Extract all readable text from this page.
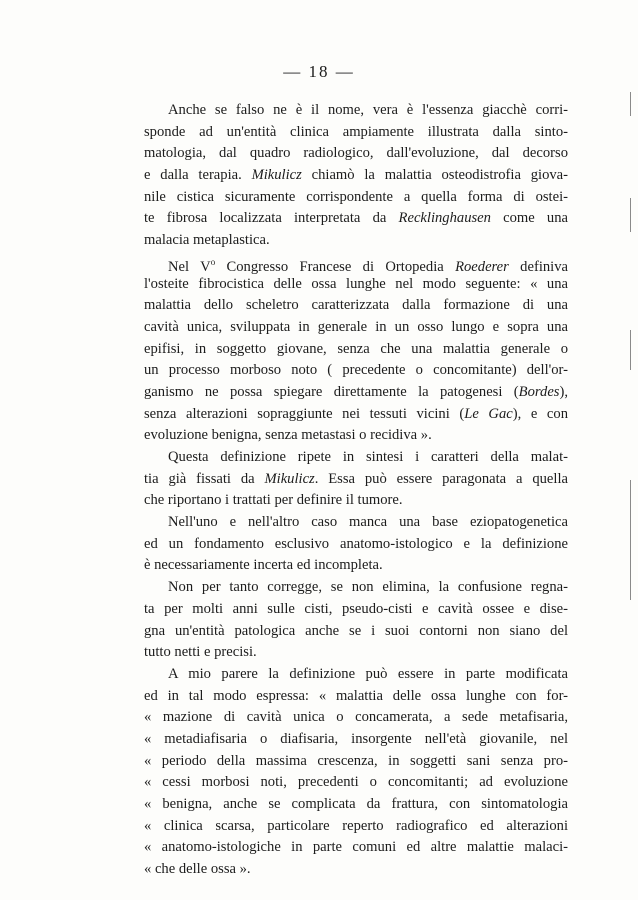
— 18 —
Anche se falso ne è il nome, vera è l'essenza giacchè corri-
sponde ad un'entità clinica ampiamente illustrata dalla sinto-
matologia, dal quadro radiologico, dall'evoluzione, dal decorso
e dalla terapia. Mikulicz chiamò la malattia osteodistrofia giova-
nile cistica sicuramente corrispondente a quella forma di ostei-
te fibrosa localizzata interpretata da Recklinghausen come una
malacia metaplastica.
Nel $V^o$ Congresso Francese di Ortopedia Roederer definiva
l'osteite fibrocistica delle ossa lunghe nel modo seguente: « una
malattia dello scheletro caratterizzata dalla formazione di una
cavità unica, sviluppata in generale in un osso lungo e sopra una
epifisi, in soggetto giovane, senza che una malattia generale o
un processo morboso noto ( precedente o concomitante) dell'or-
ganismo ne possa spiegare direttamente la patogenesi (Bordes),
senza alterazioni sopraggiunte nei tessuti vicini (Le Gac), e con
evoluzione benigna, senza metastasi o recidiva ».
Questa definizione ripete in sintesi i caratteri della malat-
tia già fissati da Mikulicz. Essa può essere paragonata a quella
che riportano i trattati per definire il tumore.
Nell'uno e nell'altro caso manca una base eziopatogenetica
ed un fondamento esclusivo anatomo-istologico e la definizione
è necessariamente incerta ed incompleta.
Non per tanto corregge, se non elimina, la confusione regna-
ta per molti anni sulle cisti, pseudo-cisti e cavità ossee e dise-
gna un'entità patologica anche se i suoi contorni non siano del
tutto netti e precisi.
A mio parere la definizione può essere in parte modificata
ed in tal modo espressa: « malattia delle ossa lunghe con for-
« mazione di cavità unica o concamerata, a sede metafisaria,
« metadiafisaria o diafisaria, insorgente nell'età giovanile, nel
« periodo della massima crescenza, in soggetti sani senza pro-
« cessi morbosi noti, precedenti o concomitanti; ad evoluzione
« benigna, anche se complicata da frattura, con sintomatologia
« clinica scarsa, particolare reperto radiografico ed alterazioni
« anatomo-istologiche in parte comuni ed altre malattie malaci-
« che delle ossa ».
